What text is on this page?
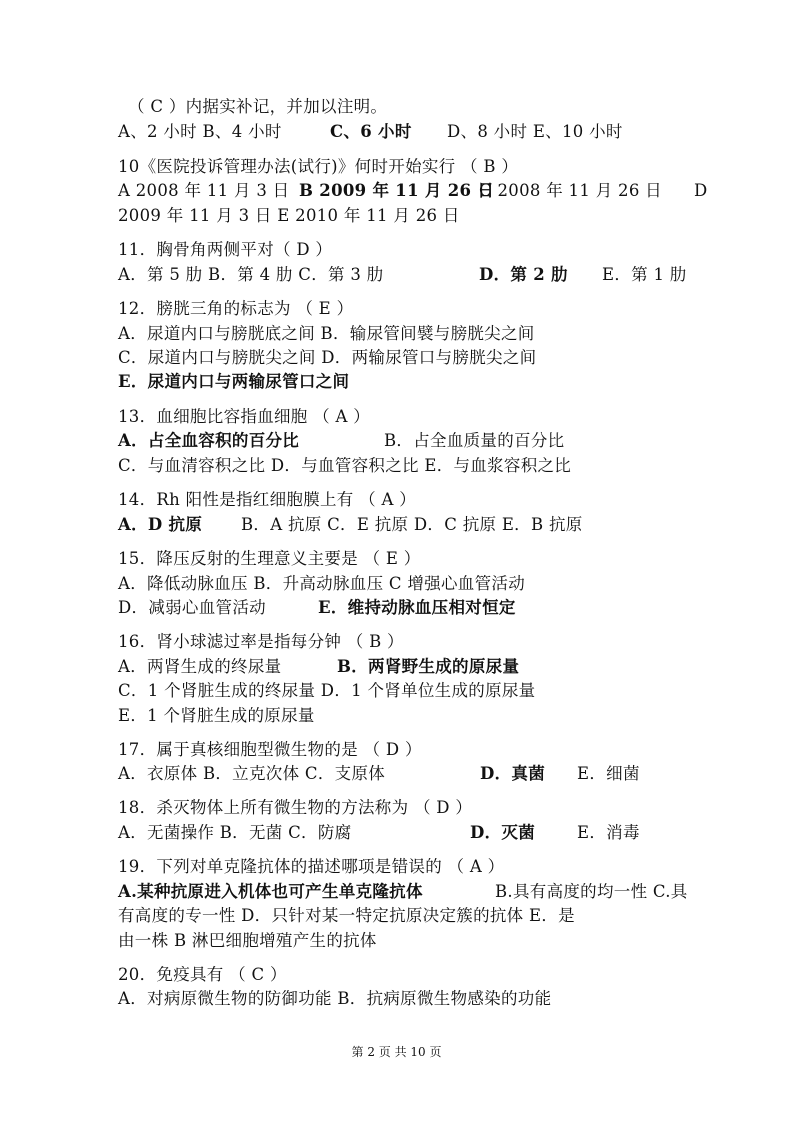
（ C ）内据实补记，并加以注明。
A、2 小时 B、4 小时	C、6 小时 D、8 小时 E、10 小时
10《医院投诉管理办法(试行)》何时开始实行 （ B ）
A 2008 年 11 月 3 日 B 2009 年 11 月 26 日
C 2008 年 11 月 26 日 D
2009 年 11 月 3 日 E 2010 年 11 月 26 日
11．胸骨角两侧平对（ D ）
A．第 5 肋 B．第 4 肋 C．第 3 肋	D．第 2 肋 E．第 1 肋
12．膀胱三角的标志为 （ E ）
A．尿道内口与膀胱底之间 B．输尿管间襞与膀胱尖之间
C．尿道内口与膀胱尖之间 D．两输尿管口与膀胱尖之间
E．尿道内口与两输尿管口之间
13．血细胞比容指血细胞 （ A ）
A．占全血容积的百分比	B．占全血质量的百分比
C．与血清容积之比 D．与血管容积之比 E．与血浆容积之比
14．Rh 阳性是指红细胞膜上有 （ A ）
A．D 抗原 B．A 抗原 C．E 抗原 D．C 抗原 E．B 抗原
15．降压反射的生理意义主要是 （ E ）
A．降低动脉血压 B．升高动脉血压 C 增强心血管活动
D．减弱心血管活动	E．维持动脉血压相对恒定
16．肾小球滤过率是指每分钟 （ B ）
A．两肾生成的终尿量	B．两肾野生成的原尿量
C．1 个肾脏生成的终尿量 D．1 个肾单位生成的原尿量
E．1 个肾脏生成的原尿量
17．属于真核细胞型微生物的是 （ D ）
A．衣原体 B．立克次体 C．支原体	D．真菌 E．细菌
18．杀灭物体上所有微生物的方法称为 （ D ）
A．无菌操作 B．无菌 C．防腐	D．灭菌	E．消毒
19．下列对单克隆抗体的描述哪项是错误的 （ A ）
A.某种抗原进入机体也可产生单克隆抗体	B.具有高度的均一性 C.具
有高度的专一性 D．只针对某一特定抗原决定簇的抗体 E．是
由一株 B 淋巴细胞增殖产生的抗体
20．免疫具有 （ C ）
A．对病原微生物的防御功能 B．抗病原微生物感染的功能
第 2 页 共 10 页
